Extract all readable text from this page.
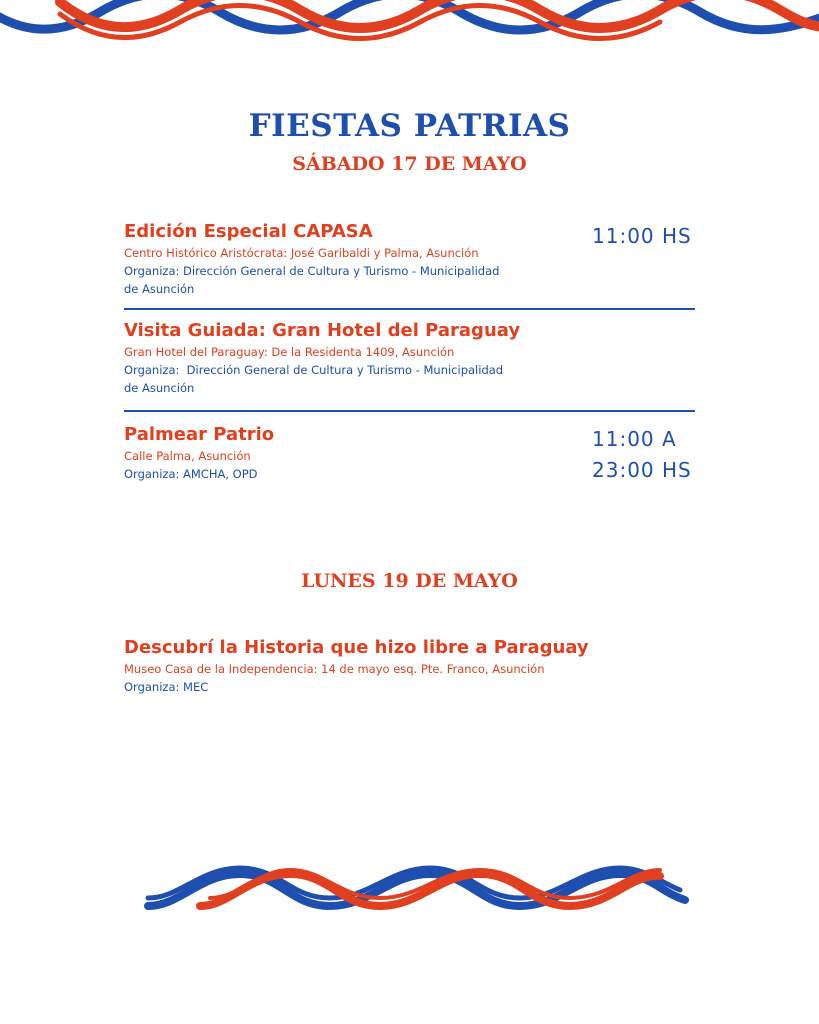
FIESTAS PATRIAS
SÁBADO 17 DE MAYO
Edición Especial CAPASA
Centro Histórico Aristócrata: José Garibaldi y Palma, Asunción
Organiza: Dirección General de Cultura y Turismo - Municipalidad
de Asunción
11:00 HS
Visita Guiada: Gran Hotel del Paraguay
Gran Hotel del Paraguay: De la Residenta 1409, Asunción
Organiza:  Dirección General de Cultura y Turismo - Municipalidad
de Asunción
Palmear Patrio
Calle Palma, Asunción
Organiza: AMCHA, OPD
11:00 A
23:00 HS
LUNES 19 DE MAYO
Descubrí la Historia que hizo libre a Paraguay
Museo Casa de la Independencia: 14 de mayo esq. Pte. Franco, Asunción
Organiza: MEC
